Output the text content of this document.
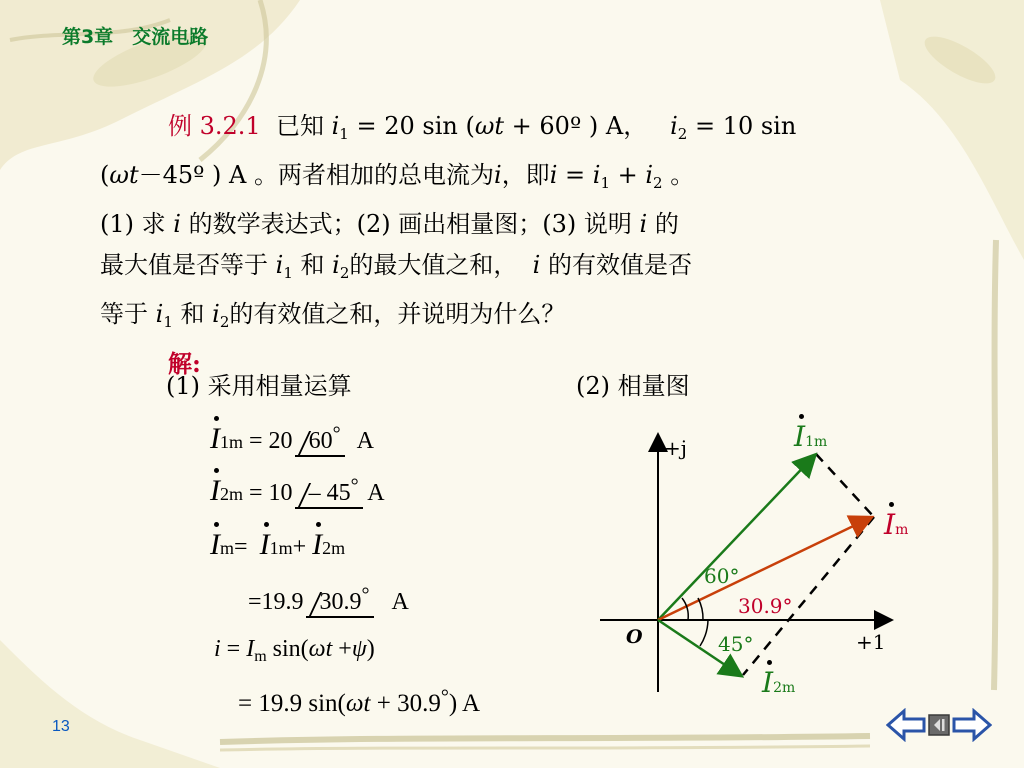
第3章　交流电路

例 3.2.1 已知 $i_1 = 20$ sin (ωt + 60º ) A， $i_2 = 10$ sin

(ωt－45º ) A 。两者相加的总电流为i，即$i = i_1 + i_2$ 。

(1) 求 i 的数学表达式；(2) 画出相量图；(3) 说明 i 的

最大值是否等于 $i_1$ 和 $i_2$的最大值之和， i 的有效值是否

等于 $i_1$ 和 $i_2$的有效值之和，并说明为什么？

解:

(1) 采用相量运算	(2) 相量图
I1m = 20 60° A
I2m = 10 – 45° A
Im= I1m+ I2m
=19.9 30.9° A
$i = I_m$ sin(ωt +ψ)
= 19.9 sin(ωt + 30.9°) A
+j
+1
O
I1m
Im
I2m
60°
30.9°
45°
13
